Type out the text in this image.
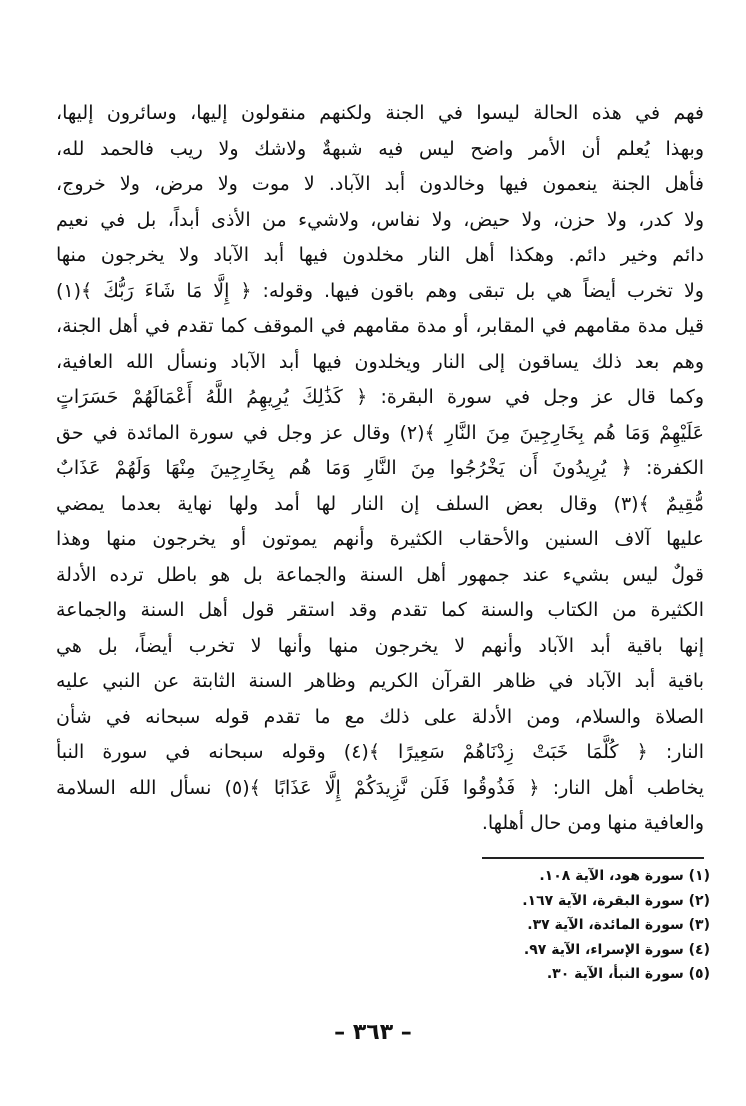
فهم في هذه الحالة ليسوا في الجنة ولكنهم منقولون إليها، وسائرون إليها،
وبهذا يُعلم أن الأمر واضح ليس فيه شبهةٌ ولاشك ولا ريب فالحمد لله،
فأهل الجنة ينعمون فيها وخالدون أبد الآباد. لا موت ولا مرض، ولا خروج،
ولا كدر، ولا حزن، ولا حيض، ولا نفاس، ولاشيء من الأذى أبداً، بل في نعيم
دائم وخير دائم. وهكذا أهل النار مخلدون فيها أبد الآباد ولا يخرجون منها
ولا تخرب أيضاً هي بل تبقى وهم باقون فيها. وقوله: ﴿ إِلَّا مَا شَاءَ رَبُّكَ ﴾(١)
قيل مدة مقامهم في المقابر، أو مدة مقامهم في الموقف كما تقدم في أهل الجنة،
وهم بعد ذلك يساقون إلى النار ويخلدون فيها أبد الآباد ونسأل الله العافية،
وكما قال عز وجل في سورة البقرة: ﴿ كَذَٰلِكَ يُرِيهِمُ اللَّهُ أَعْمَالَهُمْ حَسَرَاتٍ
عَلَيْهِمْ وَمَا هُم بِخَارِجِينَ مِنَ النَّارِ ﴾(٢) وقال عز وجل في سورة المائدة في حق
الكفرة: ﴿ يُرِيدُونَ أَن يَخْرُجُوا مِنَ النَّارِ وَمَا هُم بِخَارِجِينَ مِنْهَا وَلَهُمْ عَذَابٌ
مُّقِيمٌ ﴾(٣) وقال بعض السلف إن النار لها أمد ولها نهاية بعدما يمضي
عليها آلاف السنين والأحقاب الكثيرة وأنهم يموتون أو يخرجون منها وهذا
قولٌ ليس بشيء عند جمهور أهل السنة والجماعة بل هو باطل ترده الأدلة
الكثيرة من الكتاب والسنة كما تقدم وقد استقر قول أهل السنة والجماعة
إنها باقية أبد الآباد وأنهم لا يخرجون منها وأنها لا تخرب أيضاً، بل هي
باقية أبد الآباد في ظاهر القرآن الكريم وظاهر السنة الثابتة عن النبي عليه
الصلاة والسلام، ومن الأدلة على ذلك مع ما تقدم قوله سبحانه في شأن
النار: ﴿ كُلَّمَا خَبَتْ زِدْنَاهُمْ سَعِيرًا ﴾(٤) وقوله سبحانه في سورة النبأ
يخاطب أهل النار: ﴿ فَذُوقُوا فَلَن نَّزِيدَكُمْ إِلَّا عَذَابًا ﴾(٥) نسأل الله السلامة
والعافية منها ومن حال أهلها.
(١) سورة هود، الآية ١٠٨.
(٢) سورة البقرة، الآية ١٦٧.
(٣) سورة المائدة، الآية ٣٧.
(٤) سورة الإسراء، الآية ٩٧.
(٥) سورة النبأ، الآية ٣٠.
– ٣٦٣ –
